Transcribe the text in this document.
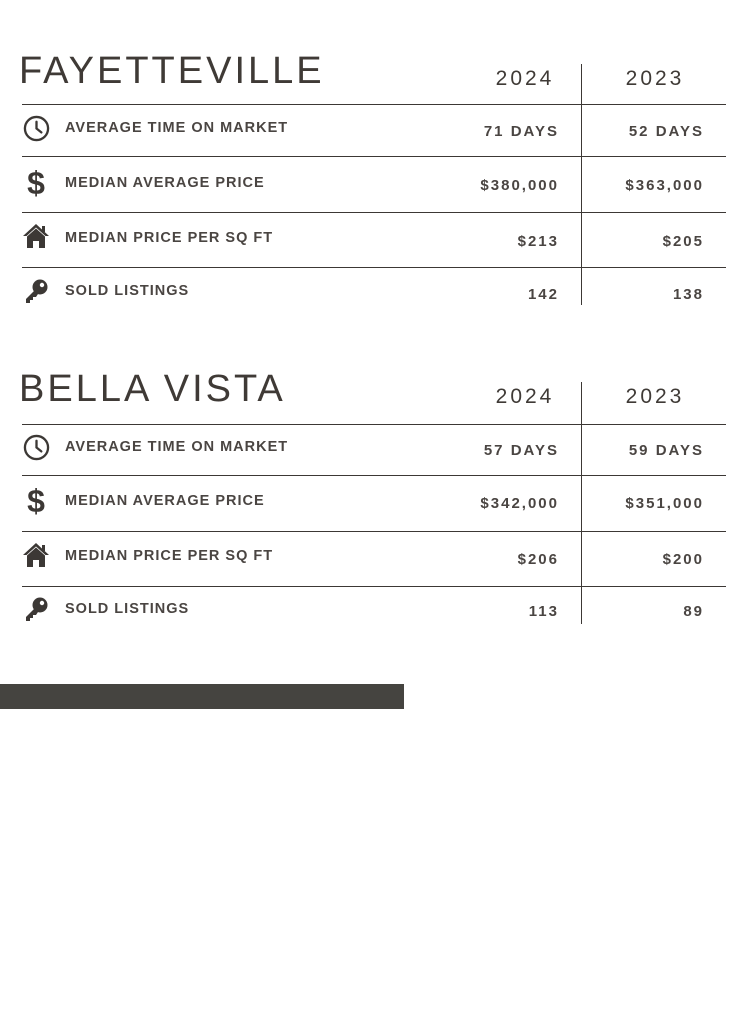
FAYETTEVILLE	2024	2023
AVERAGE TIME ON MARKET	71 DAYS	52 DAYS
$ MEDIAN AVERAGE PRICE	$380,000	$363,000
MEDIAN PRICE PER SQ FT	$213	$205
SOLD LISTINGS	142	138
BELLA VISTA	2024	2023
AVERAGE TIME ON MARKET	57 DAYS	59 DAYS
$ MEDIAN AVERAGE PRICE	$342,000	$351,000
MEDIAN PRICE PER SQ FT	$206	$200
SOLD LISTINGS	113	89
